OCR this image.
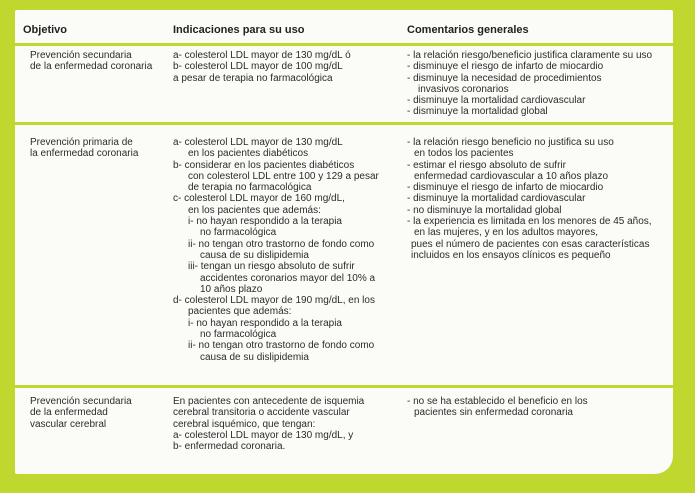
Objetivo	Indicaciones para su uso	Comentarios generales
Prevención secundaria
de la enfermedad coronaria
a- colesterol LDL mayor de 130 mg/dL ó
b- colesterol LDL mayor de 100 mg/dL
a pesar de terapia no farmacológica
- la relación riesgo/beneficio justifica claramente su uso
- disminuye el riesgo de infarto de miocardio
- disminuye la necesidad de procedimientos
invasivos coronarios
- disminuye la mortalidad cardiovascular
- disminuye la mortalidad global
Prevención primaria de
la enfermedad coronaria
a- colesterol LDL mayor de 130 mg/dL
en los pacientes diabéticos
b- considerar en los pacientes diabéticos
con colesterol LDL entre 100 y 129 a pesar
de terapia no farmacológica
c- colesterol LDL mayor de 160 mg/dL,
en los pacientes que además:
i- no hayan respondido a la terapia
no farmacológica
ii- no tengan otro trastorno de fondo como
causa de su dislipidemia
iii- tengan un riesgo absoluto de sufrir
accidentes coronarios mayor del 10% a
10 años plazo
d- colesterol LDL mayor de 190 mg/dL, en los
pacientes que además:
i- no hayan respondido a la terapia
no farmacológica
ii- no tengan otro trastorno de fondo como
causa de su dislipidemia
- la relación riesgo beneficio no justifica su uso
en todos los pacientes
- estimar el riesgo absoluto de sufrir
enfermedad cardiovascular a 10 años plazo
- disminuye el riesgo de infarto de miocardio
- disminuye la mortalidad cardiovascular
- no disminuye la mortalidad global
- la experiencia es limitada en los menores de 45 años,
en las mujeres, y en los adultos mayores,
pues el número de pacientes con esas características
incluidos en los ensayos clínicos es pequeño
Prevención secundaria
de la enfermedad
vascular cerebral
En pacientes con antecedente de isquemia
cerebral transitoria o accidente vascular
cerebral isquémico, que tengan:
a- colesterol LDL mayor de 130 mg/dL, y
b- enfermedad coronaria.
- no se ha establecido el beneficio en los
pacientes sin enfermedad coronaria
